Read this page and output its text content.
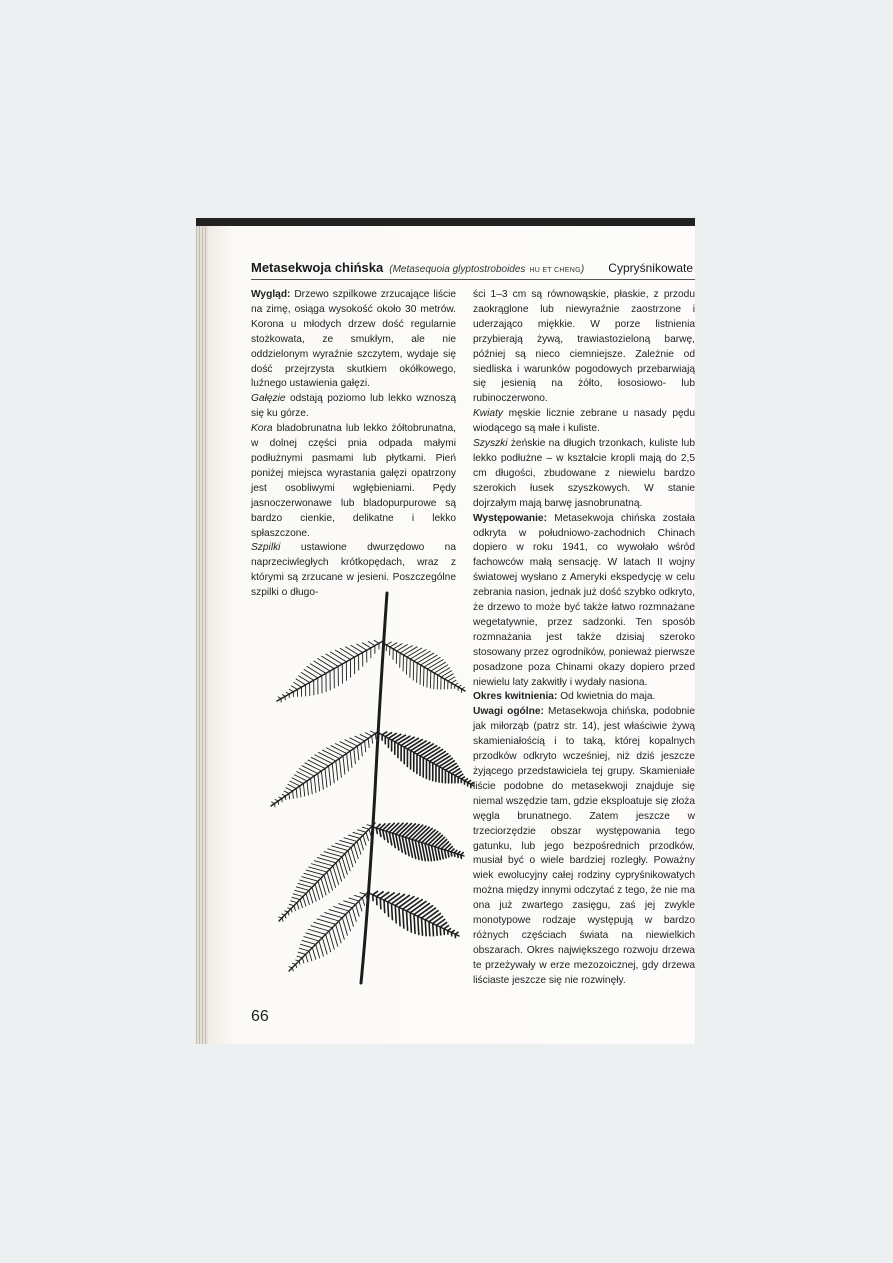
Metasekwoja chińska (Metasequoia glyptostroboides HU ET CHENG ) Cypryśnikowate

Wygląd: Drzewo szpilkowe zrzucające liście na zimę, osiąga wysokość około 30 metrów. Korona u młodych drzew dość regularnie stożkowata, ze smukłym, ale nie oddzielonym wyraźnie szczytem, wydaje się dość przejrzysta skutkiem okółkowego, luźnego ustawienia gałęzi.

Gałęzie odstają poziomo lub lekko wznoszą się ku górze.

Kora bladobrunatna lub lekko żółtobrunatna, w dolnej części pnia odpada małymi podłużnymi pasmami lub płytkami. Pień poniżej miejsca wyrastania gałęzi opatrzony jest osobliwymi wgłębieniami. Pędy jasnoczerwonawe lub bladopurpurowe są bardzo cienkie, delikatne i lekko spłaszczone.

Szpilki ustawione dwurzędowo na naprzeciwległych krótkopędach, wraz z którymi są zrzucane w jesieni. Poszczególne szpilki o długo-

ści 1–3 cm są równowąskie, płaskie, z przodu zaokrąglone lub niewyraźnie zaostrzone i uderzająco miękkie. W porze listnienia przybierają żywą, trawiastozieloną barwę, później są nieco ciemniejsze. Zależnie od siedliska i warunków pogodowych przebarwiają się jesienią na żółto, łososiowo- lub rubinoczerwono.

Kwiaty męskie licznie zebrane u nasady pędu wiodącego są małe i kuliste.

Szyszki żeńskie na długich trzonkach, kuliste lub lekko podłużne – w kształcie kropli mają do 2,5 cm długości, zbudowane z niewielu bardzo szerokich łusek szyszkowych. W stanie dojrzałym mają barwę jasnobrunatną.

Występowanie: Metasekwoja chińska została odkryta w południowo-zachodnich Chinach dopiero w roku 1941, co wywołało wśród fachowców małą sensację. W latach II wojny światowej wysłano z Ameryki ekspedycję w celu zebrania nasion, jednak już dość szybko odkryto, że drzewo to może być także łatwo rozmnażane wegetatywnie, przez sadzonki. Ten sposób rozmnażania jest także dzisiaj szeroko stosowany przez ogrodników, ponieważ pierwsze posadzone poza Chinami okazy dopiero przed niewielu laty zakwitły i wydały nasiona.

Okres kwitnienia: Od kwietnia do maja.

Uwagi ogólne: Metasekwoja chińska, podobnie jak miłorząb (patrz str. 14), jest właściwie żywą skamieniałością i to taką, której kopalnych przodków odkryto wcześniej, niż dziś jeszcze żyjącego przedstawiciela tej grupy. Skamieniałe liście podobne do metasekwoji znajduje się niemal wszędzie tam, gdzie eksploatuje się złoża węgla brunatnego. Zatem jeszcze w trzeciorzędzie obszar występowania tego gatunku, lub jego bezpośrednich przodków, musiał być o wiele bardziej rozległy. Poważny wiek ewolucyjny całej rodziny cypryśnikowatych można między innymi odczytać z tego, że nie ma ona już zwartego zasięgu, zaś jej zwykle monotypowe rodzaje występują w bardzo różnych częściach świata na niewielkich obszarach. Okres największego rozwoju drzewa te przeżywały w erze mezozoicznej, gdy drzewa liściaste jeszcze się nie rozwinęły.

66
